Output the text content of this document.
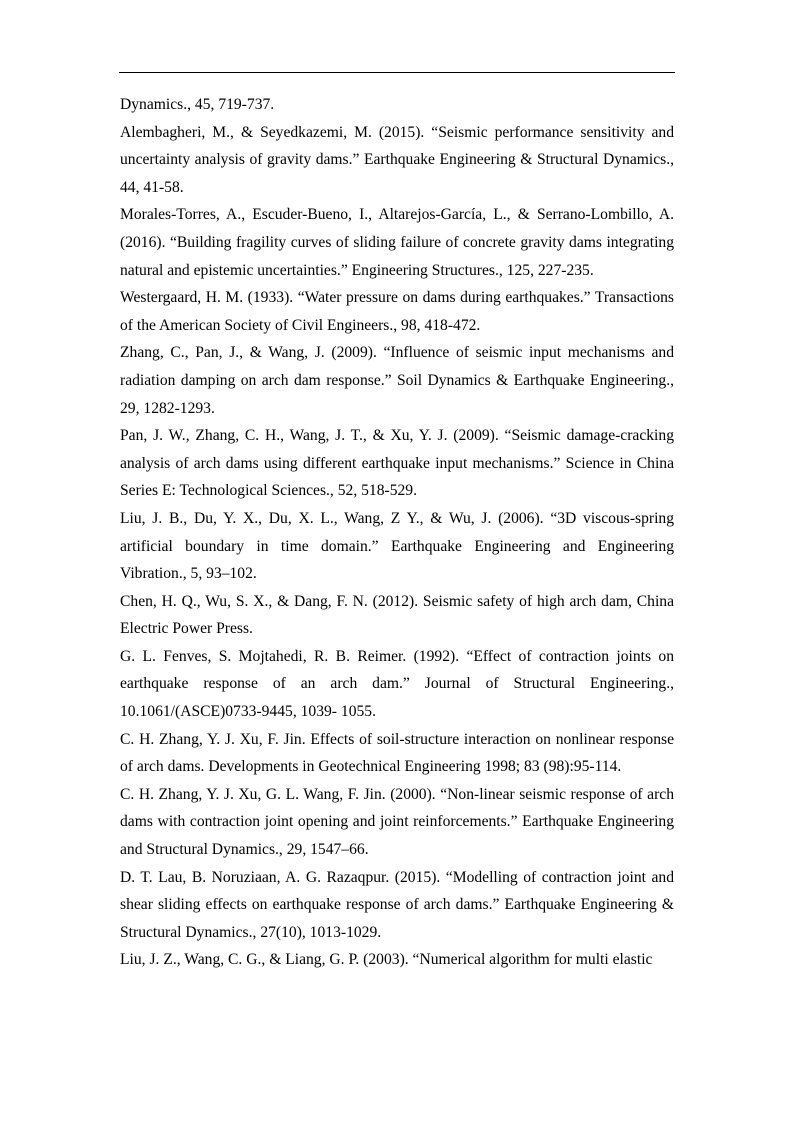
Dynamics., 45, 719-737.

Alembagheri, M., & Seyedkazemi, M. (2015). “Seismic performance sensitivity and uncertainty analysis of gravity dams.” Earthquake Engineering & Structural Dynamics., 44, 41-58.

Morales-Torres, A., Escuder-Bueno, I., Altarejos-García, L., & Serrano-Lombillo, A. (2016). “Building fragility curves of sliding failure of concrete gravity dams integrating natural and epistemic uncertainties.” Engineering Structures., 125, 227-235.

Westergaard, H. M. (1933). “Water pressure on dams during earthquakes.” Transactions of the American Society of Civil Engineers., 98, 418-472.

Zhang, C., Pan, J., & Wang, J. (2009). “Influence of seismic input mechanisms and radiation damping on arch dam response.” Soil Dynamics & Earthquake Engineering., 29, 1282-1293.

Pan, J. W., Zhang, C. H., Wang, J. T., & Xu, Y. J. (2009). “Seismic damage-cracking analysis of arch dams using different earthquake input mechanisms.” Science in China Series E: Technological Sciences., 52, 518-529.

Liu, J. B., Du, Y. X., Du, X. L., Wang, Z Y., & Wu, J. (2006). “3D viscous-spring artificial boundary in time domain.” Earthquake Engineering and Engineering Vibration., 5, 93–102.

Chen, H. Q., Wu, S. X., & Dang, F. N. (2012). Seismic safety of high arch dam, China Electric Power Press.

G. L. Fenves, S. Mojtahedi, R. B. Reimer. (1992). “Effect of contraction joints on earthquake response of an arch dam.” Journal of Structural Engineering., 10.1061/(ASCE)0733-9445, 1039- 1055.

C. H. Zhang, Y. J. Xu, F. Jin. Effects of soil-structure interaction on nonlinear response of arch dams. Developments in Geotechnical Engineering 1998; 83 (98):95-114.

C. H. Zhang, Y. J. Xu, G. L. Wang, F. Jin. (2000). “Non-linear seismic response of arch dams with contraction joint opening and joint reinforcements.” Earthquake Engineering and Structural Dynamics., 29, 1547–66.

D. T. Lau, B. Noruziaan, A. G. Razaqpur. (2015). “Modelling of contraction joint and shear sliding effects on earthquake response of arch dams.” Earthquake Engineering & Structural Dynamics., 27(10), 1013-1029.

Liu, J. Z., Wang, C. G., & Liang, G. P. (2003). “Numerical algorithm for multi elastic
